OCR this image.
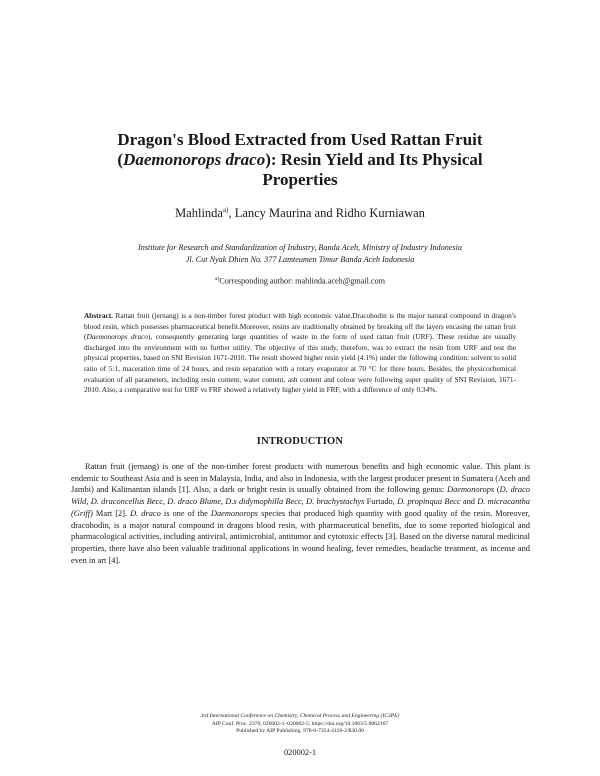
Dragon's Blood Extracted from Used Rattan Fruit
(Daemonorops draco): Resin Yield and Its Physical
Properties
Mahlinda$^{a)}$, Lancy Maurina and Ridho Kurniawan
Institute for Research and Standardization of Industry, Banda Aceh, Ministry of Industry Indonesia
Jl. Cut Nyak Dhien No. 377 Lamteumen Timur Banda Aceh Indonesia
$^{a)}$Corresponding author: mahlinda.aceh@gmail.com
Abstract. Rattan fruit (jernang) is a non-timber forest product with high economic value.Dracohodin is the major natural compound in dragon's blood resin, which possesses pharmaceutical benefit.Moreover, resins are traditionally obtained by breaking off the layers encasing the rattan fruit (Daemonorops draco), consequently generating large quantities of waste in the form of used rattan fruit (URF). These residue are usually discharged into the environment with no further utility. The objective of this study, therefore, was to extract the resin from URF and test the physical properties, based on SNI Revision 1671-2010. The result showed higher resin yield (4.1%) under the following condition: solvent to solid ratio of 5:1, maceration time of 24 hours, and resin separation with a rotary evaporator at 70 °C for three hours. Besides, the physicochemical evaluation of all parameters, including resin content, water content, ash content and colour were following super quality of SNI Revision, 1671-2010. Also, a comparative test for URF vs FRF showed a relatively higher yield in FRF, with a difference of only 0.34%.
INTRODUCTION
Rattan fruit (jernang) is one of the non-timber forest products with numerous benefits and high economic value. This plant is endemic to Southeast Asia and is seen in Malaysia, India, and also in Indonesia, with the largest producer present in Sumatera (Aceh and Jambi) and Kalimantan islands [1]. Also, a dark or bright resin is usually obtained from the following genus: Daemonorops (D. draco Wild, D. draconcellus Becc, D. draco Blume, D.s didymophilla Becc, D. brachystachys Furtado, D. propinqua Becc and D. micracantha (Griff) Mart [2]. D. draco is one of the Daemonorops species that produced high quantity with good quality of the resin. Moreover, dracohodin, is a major natural compound in dragons blood resin, with pharmaceutical benefits, due to some reported biological and pharmacological activities, including antiviral, antimicrobial, antitumor and cytotoxic effects [3]. Based on the diverse natural medicinal properties, there have also been valuable traditional applications in wound healing, fever remedies, headache treatment, as incense and even in art [4].
3rd International Conference on Chemistry, Chemical Process and Engineering (IC3PE)
AIP Conf. Proc. 2370, 020002-1–020002-5; https://doi.org/10.1063/5.0062167
Published by AIP Publishing. 978-0-7354-4126-2/$30.00
020002-1
